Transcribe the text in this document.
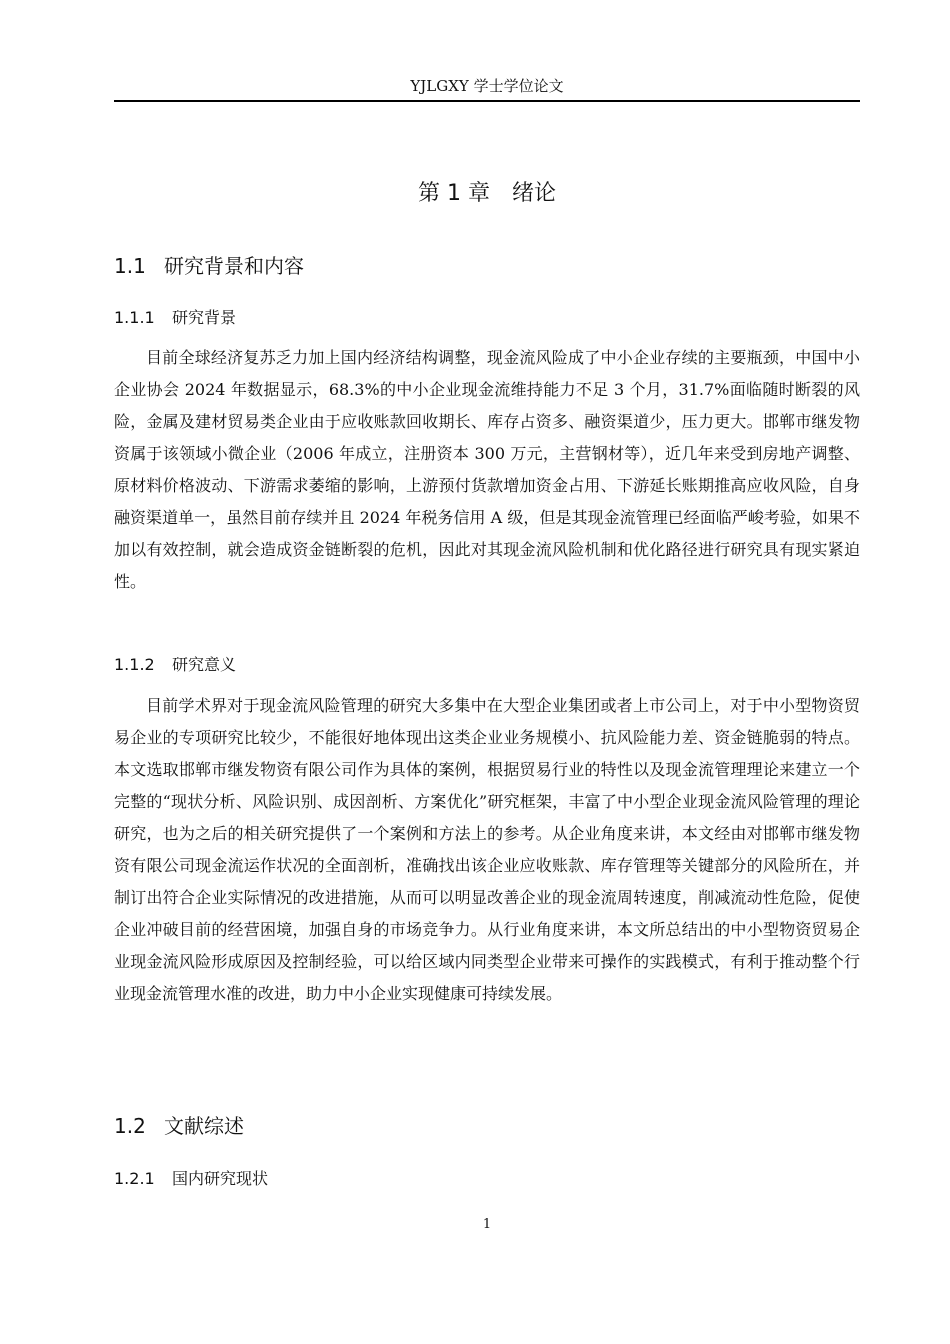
YJLGXY 学士学位论文
第 1 章　绪论
1.1 研究背景和内容
1.1.1 研究背景

目前全球经济复苏乏力加上国内经济结构调整，现金流风险成了中小企业存续的主要瓶颈，中国中小企业协会 2024 年数据显示，68.3%的中小企业现金流维持能力不足 3 个月，31.7%面临随时断裂的风险，金属及建材贸易类企业由于应收账款回收期长、库存占资多、融资渠道少，压力更大。邯郸市继发物资属于该领域小微企业（2006 年成立，注册资本 300 万元，主营钢材等），近几年来受到房地产调整、原材料价格波动、下游需求萎缩的影响，上游预付货款增加资金占用、下游延长账期推高应收风险，自身融资渠道单一，虽然目前存续并且 2024 年税务信用 A 级，但是其现金流管理已经面临严峻考验，如果不加以有效控制，就会造成资金链断裂的危机，因此对其现金流风险机制和优化路径进行研究具有现实紧迫性。

1.1.2 研究意义

目前学术界对于现金流风险管理的研究大多集中在大型企业集团或者上市公司上，对于中小型物资贸易企业的专项研究比较少，不能很好地体现出这类企业业务规模小、抗风险能力差、资金链脆弱的特点。本文选取邯郸市继发物资有限公司作为具体的案例，根据贸易行业的特性以及现金流管理理论来建立一个完整的“现状分析、风险识别、成因剖析、方案优化”研究框架，丰富了中小型企业现金流风险管理的理论研究，也为之后的相关研究提供了一个案例和方法上的参考。从企业角度来讲，本文经由对邯郸市继发物资有限公司现金流运作状况的全面剖析，准确找出该企业应收账款、库存管理等关键部分的风险所在，并制订出符合企业实际情况的改进措施，从而可以明显改善企业的现金流周转速度，削减流动性危险，促使企业冲破目前的经营困境，加强自身的市场竞争力。从行业角度来讲，本文所总结出的中小型物资贸易企业现金流风险形成原因及控制经验，可以给区域内同类型企业带来可操作的实践模式，有利于推动整个行业现金流管理水准的改进，助力中小企业实现健康可持续发展。

1.2 文献综述
1.2.1 国内研究现状
1
